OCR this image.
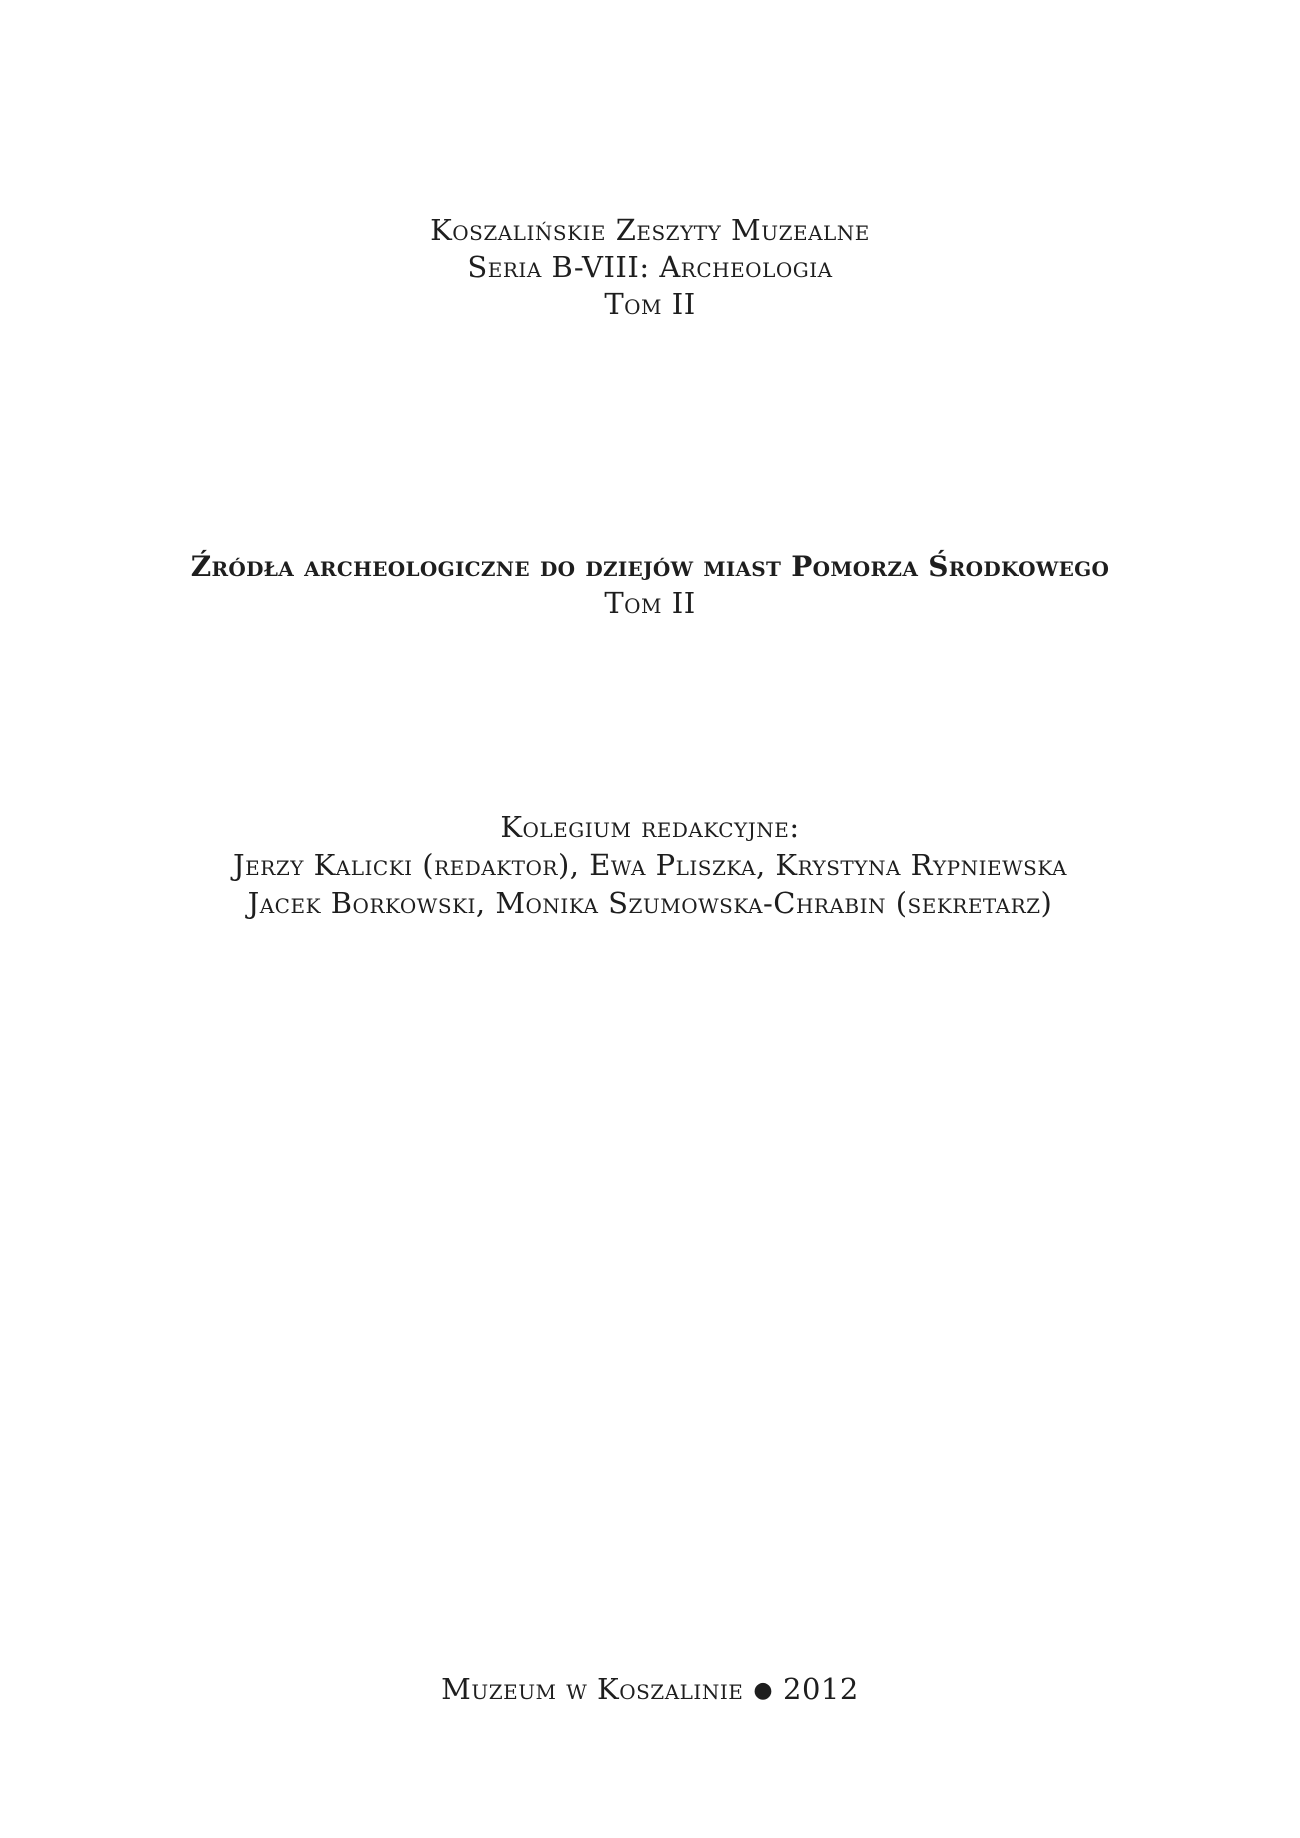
Koszalińskie Zeszyty Muzealne
Seria B-VIII: Archeologia
Tom II
Źródła archeologiczne do dziejów miast Pomorza Środkowego
Tom II
Kolegium redakcyjne:
Jerzy Kalicki (redaktor), Ewa Pliszka, Krystyna Rypniewska
Jacek Borkowski, Monika Szumowska-Chrabin (sekretarz)
Muzeum w Koszalinie ● 2012
